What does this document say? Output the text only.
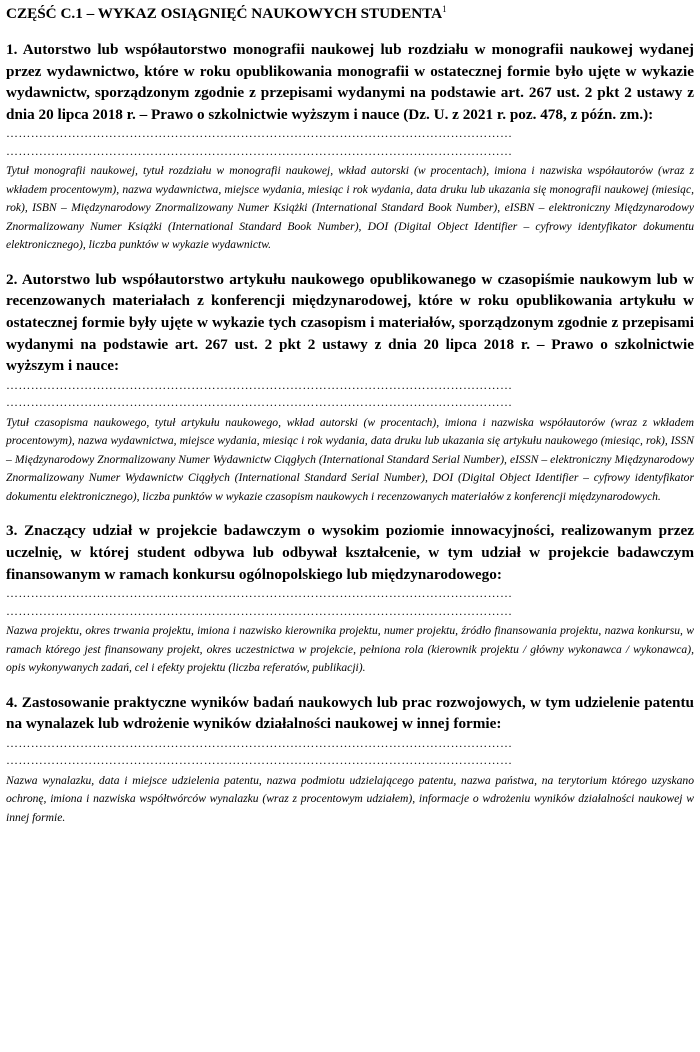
CZĘŚĆ C.1 – WYKAZ OSIĄGNIĘĆ NAUKOWYCH STUDENTA$^1$
1. Autorstwo lub współautorstwo monografii naukowej lub rozdziału w monografii naukowej wydanej przez wydawnictwo, które w roku opublikowania monografii w ostatecznej formie było ujęte w wykazie wydawnictw, sporządzonym zgodnie z przepisami wydanymi na podstawie art. 267 ust. 2 pkt 2 ustawy z dnia 20 lipca 2018 r. – Prawo o szkolnictwie wyższym i nauce (Dz. U. z 2021 r. poz. 478, z późn. zm.):
……………………………………………………………………………………………………………
……………………………………………………………………………………………………………
Tytuł monografii naukowej, tytuł rozdziału w monografii naukowej, wkład autorski (w procentach), imiona i nazwiska współautorów (wraz z wkładem procentowym), nazwa wydawnictwa, miejsce wydania, miesiąc i rok wydania, data druku lub ukazania się monografii naukowej (miesiąc, rok), ISBN – Międzynarodowy Znormalizowany Numer Książki (International Standard Book Number), eISBN – elektroniczny Międzynarodowy Znormalizowany Numer Książki (International Standard Book Number), DOI (Digital Object Identifier – cyfrowy identyfikator dokumentu elektronicznego), liczba punktów w wykazie wydawnictw.
2. Autorstwo lub współautorstwo artykułu naukowego opublikowanego w czasopiśmie naukowym lub w recenzowanych materiałach z konferencji międzynarodowej, które w roku opublikowania artykułu w ostatecznej formie były ujęte w wykazie tych czasopism i materiałów, sporządzonym zgodnie z przepisami wydanymi na podstawie art. 267 ust. 2 pkt 2 ustawy z dnia 20 lipca 2018 r. – Prawo o szkolnictwie wyższym i nauce:
……………………………………………………………………………………………………………
……………………………………………………………………………………………………………
Tytuł czasopisma naukowego, tytuł artykułu naukowego, wkład autorski (w procentach), imiona i nazwiska współautorów (wraz z wkładem procentowym), nazwa wydawnictwa, miejsce wydania, miesiąc i rok wydania, data druku lub ukazania się artykułu naukowego (miesiąc, rok), ISSN – Międzynarodowy Znormalizowany Numer Wydawnictw Ciągłych (International Standard Serial Number), eISSN – elektroniczny Międzynarodowy Znormalizowany Numer Wydawnictw Ciągłych (International Standard Serial Number), DOI (Digital Object Identifier – cyfrowy identyfikator dokumentu elektronicznego), liczba punktów w wykazie czasopism naukowych i recenzowanych materiałów z konferencji międzynarodowych.
3. Znaczący udział w projekcie badawczym o wysokim poziomie innowacyjności, realizowanym przez uczelnię, w której student odbywa lub odbywał kształcenie, w tym udział w projekcie badawczym finansowanym w ramach konkursu ogólnopolskiego lub międzynarodowego:
……………………………………………………………………………………………………………
……………………………………………………………………………………………………………
Nazwa projektu, okres trwania projektu, imiona i nazwisko kierownika projektu, numer projektu, źródło finansowania projektu, nazwa konkursu, w ramach którego jest finansowany projekt, okres uczestnictwa w projekcie, pełniona rola (kierownik projektu / główny wykonawca / wykonawca), opis wykonywanych zadań, cel i efekty projektu (liczba referatów, publikacji).
4. Zastosowanie praktyczne wyników badań naukowych lub prac rozwojowych, w tym udzielenie patentu na wynalazek lub wdrożenie wyników działalności naukowej w innej formie:
……………………………………………………………………………………………………………
……………………………………………………………………………………………………………
Nazwa wynalazku, data i miejsce udzielenia patentu, nazwa podmiotu udzielającego patentu, nazwa państwa, na terytorium którego uzyskano ochronę, imiona i nazwiska współtwórców wynalazku (wraz z procentowym udziałem), informacje o wdrożeniu wyników działalności naukowej w innej formie.
